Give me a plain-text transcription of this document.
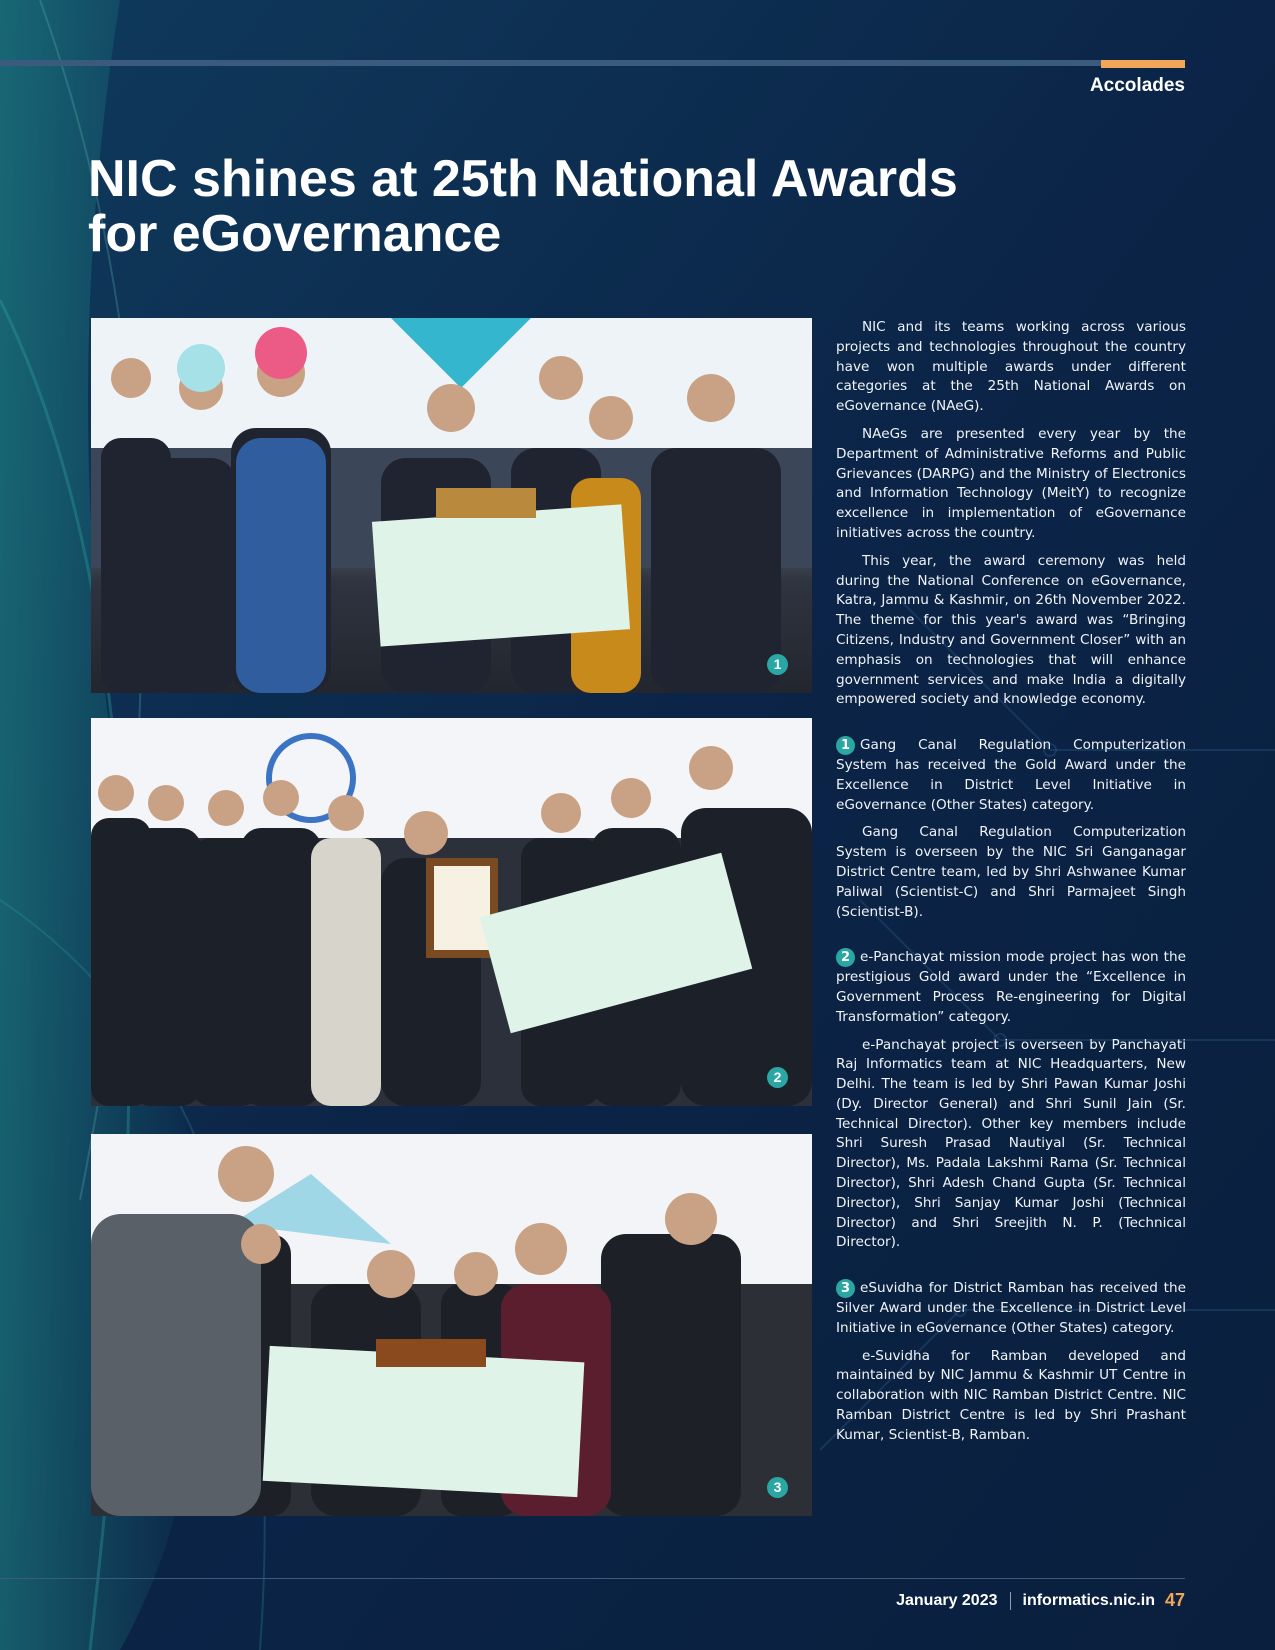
Accolades
NIC shines at 25th National Awards
for eGovernance
1
2
3

NIC and its teams working across various projects and technologies throughout the country have won multiple awards under different categories at the 25th National Awards on eGovernance (NAeG).

NAeGs are presented every year by the Department of Administrative Reforms and Public Grievances (DARPG) and the Ministry of Electronics and Information Technology (MeitY) to recognize excellence in implementation of eGovernance initiatives across the country.

This year, the award ceremony was held during the National Conference on eGovernance, Katra, Jammu & Kashmir, on 26th November 2022. The theme for this year's award was “Bringing Citizens, Industry and Government Closer” with an emphasis on technologies that will enhance government services and make India a digitally empowered society and knowledge economy.

1 Gang Canal Regulation Computerization System has received the Gold Award under the Excellence in District Level Initiative in eGovernance (Other States) category.

Gang Canal Regulation Computerization System is overseen by the NIC Sri Ganganagar District Centre team, led by Shri Ashwanee Kumar Paliwal (Scientist-C) and Shri Parmajeet Singh (Scientist-B).

2 e-Panchayat mission mode project has won the prestigious Gold award under the “Excellence in Government Process Re-engineering for Digital Transformation” category.

e-Panchayat project is overseen by Panchayati Raj Informatics team at NIC Headquarters, New Delhi. The team is led by Shri Pawan Kumar Joshi (Dy. Director General) and Shri Sunil Jain (Sr. Technical Director). Other key members include Shri Suresh Prasad Nautiyal (Sr. Technical Director), Ms. Padala Lakshmi Rama (Sr. Technical Director), Shri Adesh Chand Gupta (Sr. Technical Director), Shri Sanjay Kumar Joshi (Technical Director) and Shri Sreejith N. P. (Technical Director).

3 eSuvidha for District Ramban has received the Silver Award under the Excellence in District Level Initiative in eGovernance (Other States) category.

e-Suvidha for Ramban developed and maintained by NIC Jammu & Kashmir UT Centre in collaboration with NIC Ramban District Centre. NIC Ramban District Centre is led by Shri Prashant Kumar, Scientist-B, Ramban.

January 2023 informatics.nic.in 47
